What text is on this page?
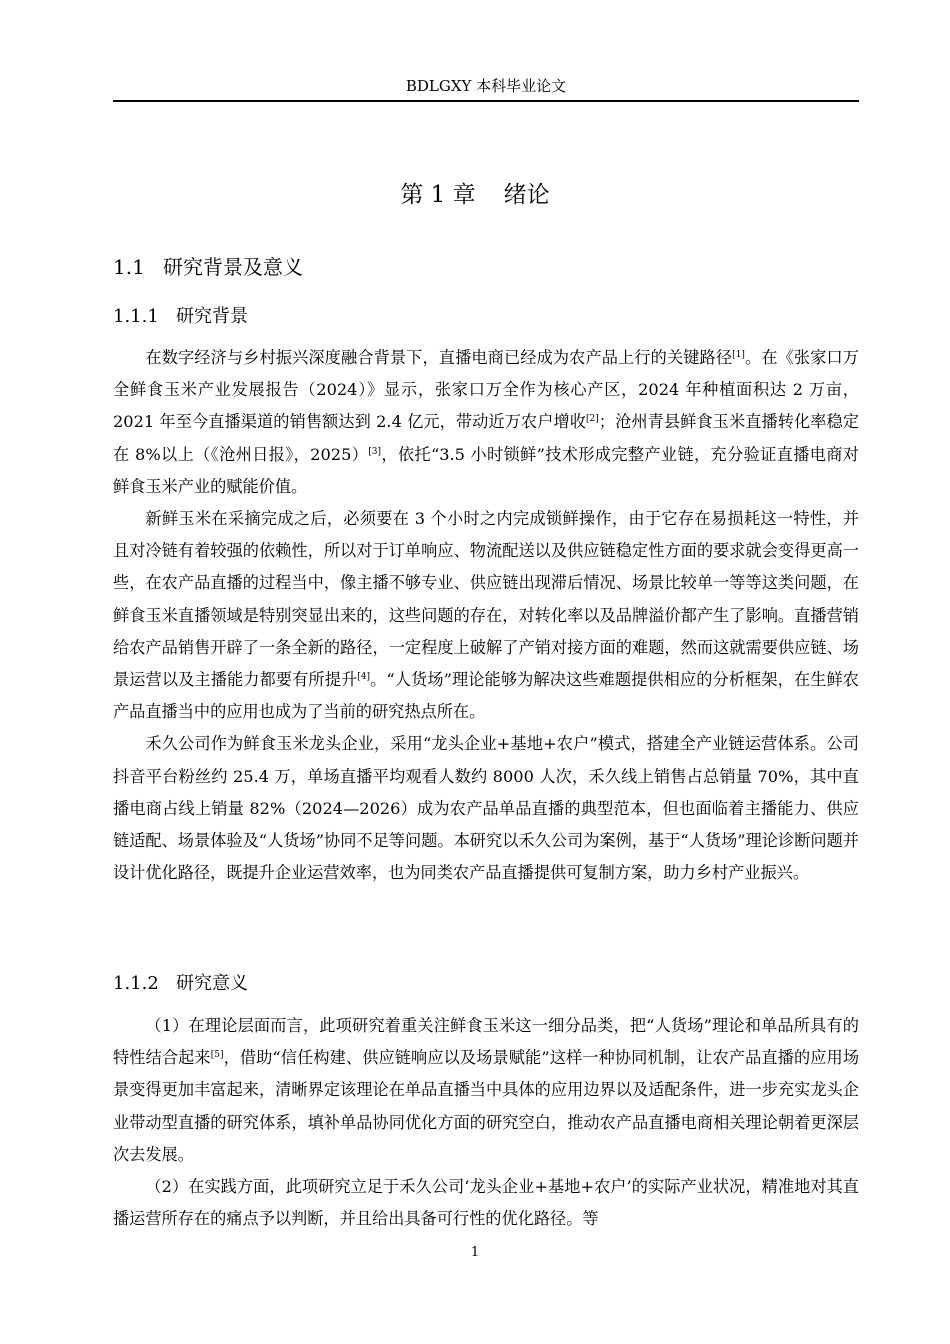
BDLGXY 本科毕业论文
第 1 章 绪论
1.1 研究背景及意义
1.1.1 研究背景

在数字经济与乡村振兴深度融合背景下，直播电商已经成为农产品上行的关键路径[1]。在《张家口万全鲜食玉米产业发展报告（2024）》显示，张家口万全作为核心产区，2024 年种植面积达 2 万亩，2021 年至今直播渠道的销售额达到 2.4 亿元，带动近万农户增收[2]；沧州青县鲜食玉米直播转化率稳定在 8%以上（《沧州日报》，2025）[3]，依托“3.5 小时锁鲜”技术形成完整产业链，充分验证直播电商对鲜食玉米产业的赋能价值。

新鲜玉米在采摘完成之后，必须要在 3 个小时之内完成锁鲜操作，由于它存在易损耗这一特性，并且对冷链有着较强的依赖性，所以对于订单响应、物流配送以及供应链稳定性方面的要求就会变得更高一些，在农产品直播的过程当中，像主播不够专业、供应链出现滞后情况、场景比较单一等等这类问题，在鲜食玉米直播领域是特别突显出来的，这些问题的存在，对转化率以及品牌溢价都产生了影响。直播营销给农产品销售开辟了一条全新的路径，一定程度上破解了产销对接方面的难题，然而这就需要供应链、场景运营以及主播能力都要有所提升[4]。“人货场”理论能够为解决这些难题提供相应的分析框架，在生鲜农产品直播当中的应用也成为了当前的研究热点所在。

禾久公司作为鲜食玉米龙头企业，采用“龙头企业+基地+农户”模式，搭建全产业链运营体系。公司抖音平台粉丝约 25.4 万，单场直播平均观看人数约 8000 人次，禾久线上销售占总销量 70%，其中直播电商占线上销量 82%（2024—2026）成为农产品单品直播的典型范本，但也面临着主播能力、供应链适配、场景体验及“人货场”协同不足等问题。本研究以禾久公司为案例，基于“人货场”理论诊断问题并设计优化路径，既提升企业运营效率，也为同类农产品直播提供可复制方案，助力乡村产业振兴。

1.1.2 研究意义

（1）在理论层面而言，此项研究着重关注鲜食玉米这一细分品类，把“人货场”理论和单品所具有的特性结合起来[5]，借助“信任构建、供应链响应以及场景赋能”这样一种协同机制，让农产品直播的应用场景变得更加丰富起来，清晰界定该理论在单品直播当中具体的应用边界以及适配条件，进一步充实龙头企业带动型直播的研究体系，填补单品协同优化方面的研究空白，推动农产品直播电商相关理论朝着更深层次去发展。

（2）在实践方面，此项研究立足于禾久公司‘龙头企业+基地+农户’的实际产业状况，精准地对其直播运营所存在的痛点予以判断，并且给出具备可行性的优化路径。等

1
